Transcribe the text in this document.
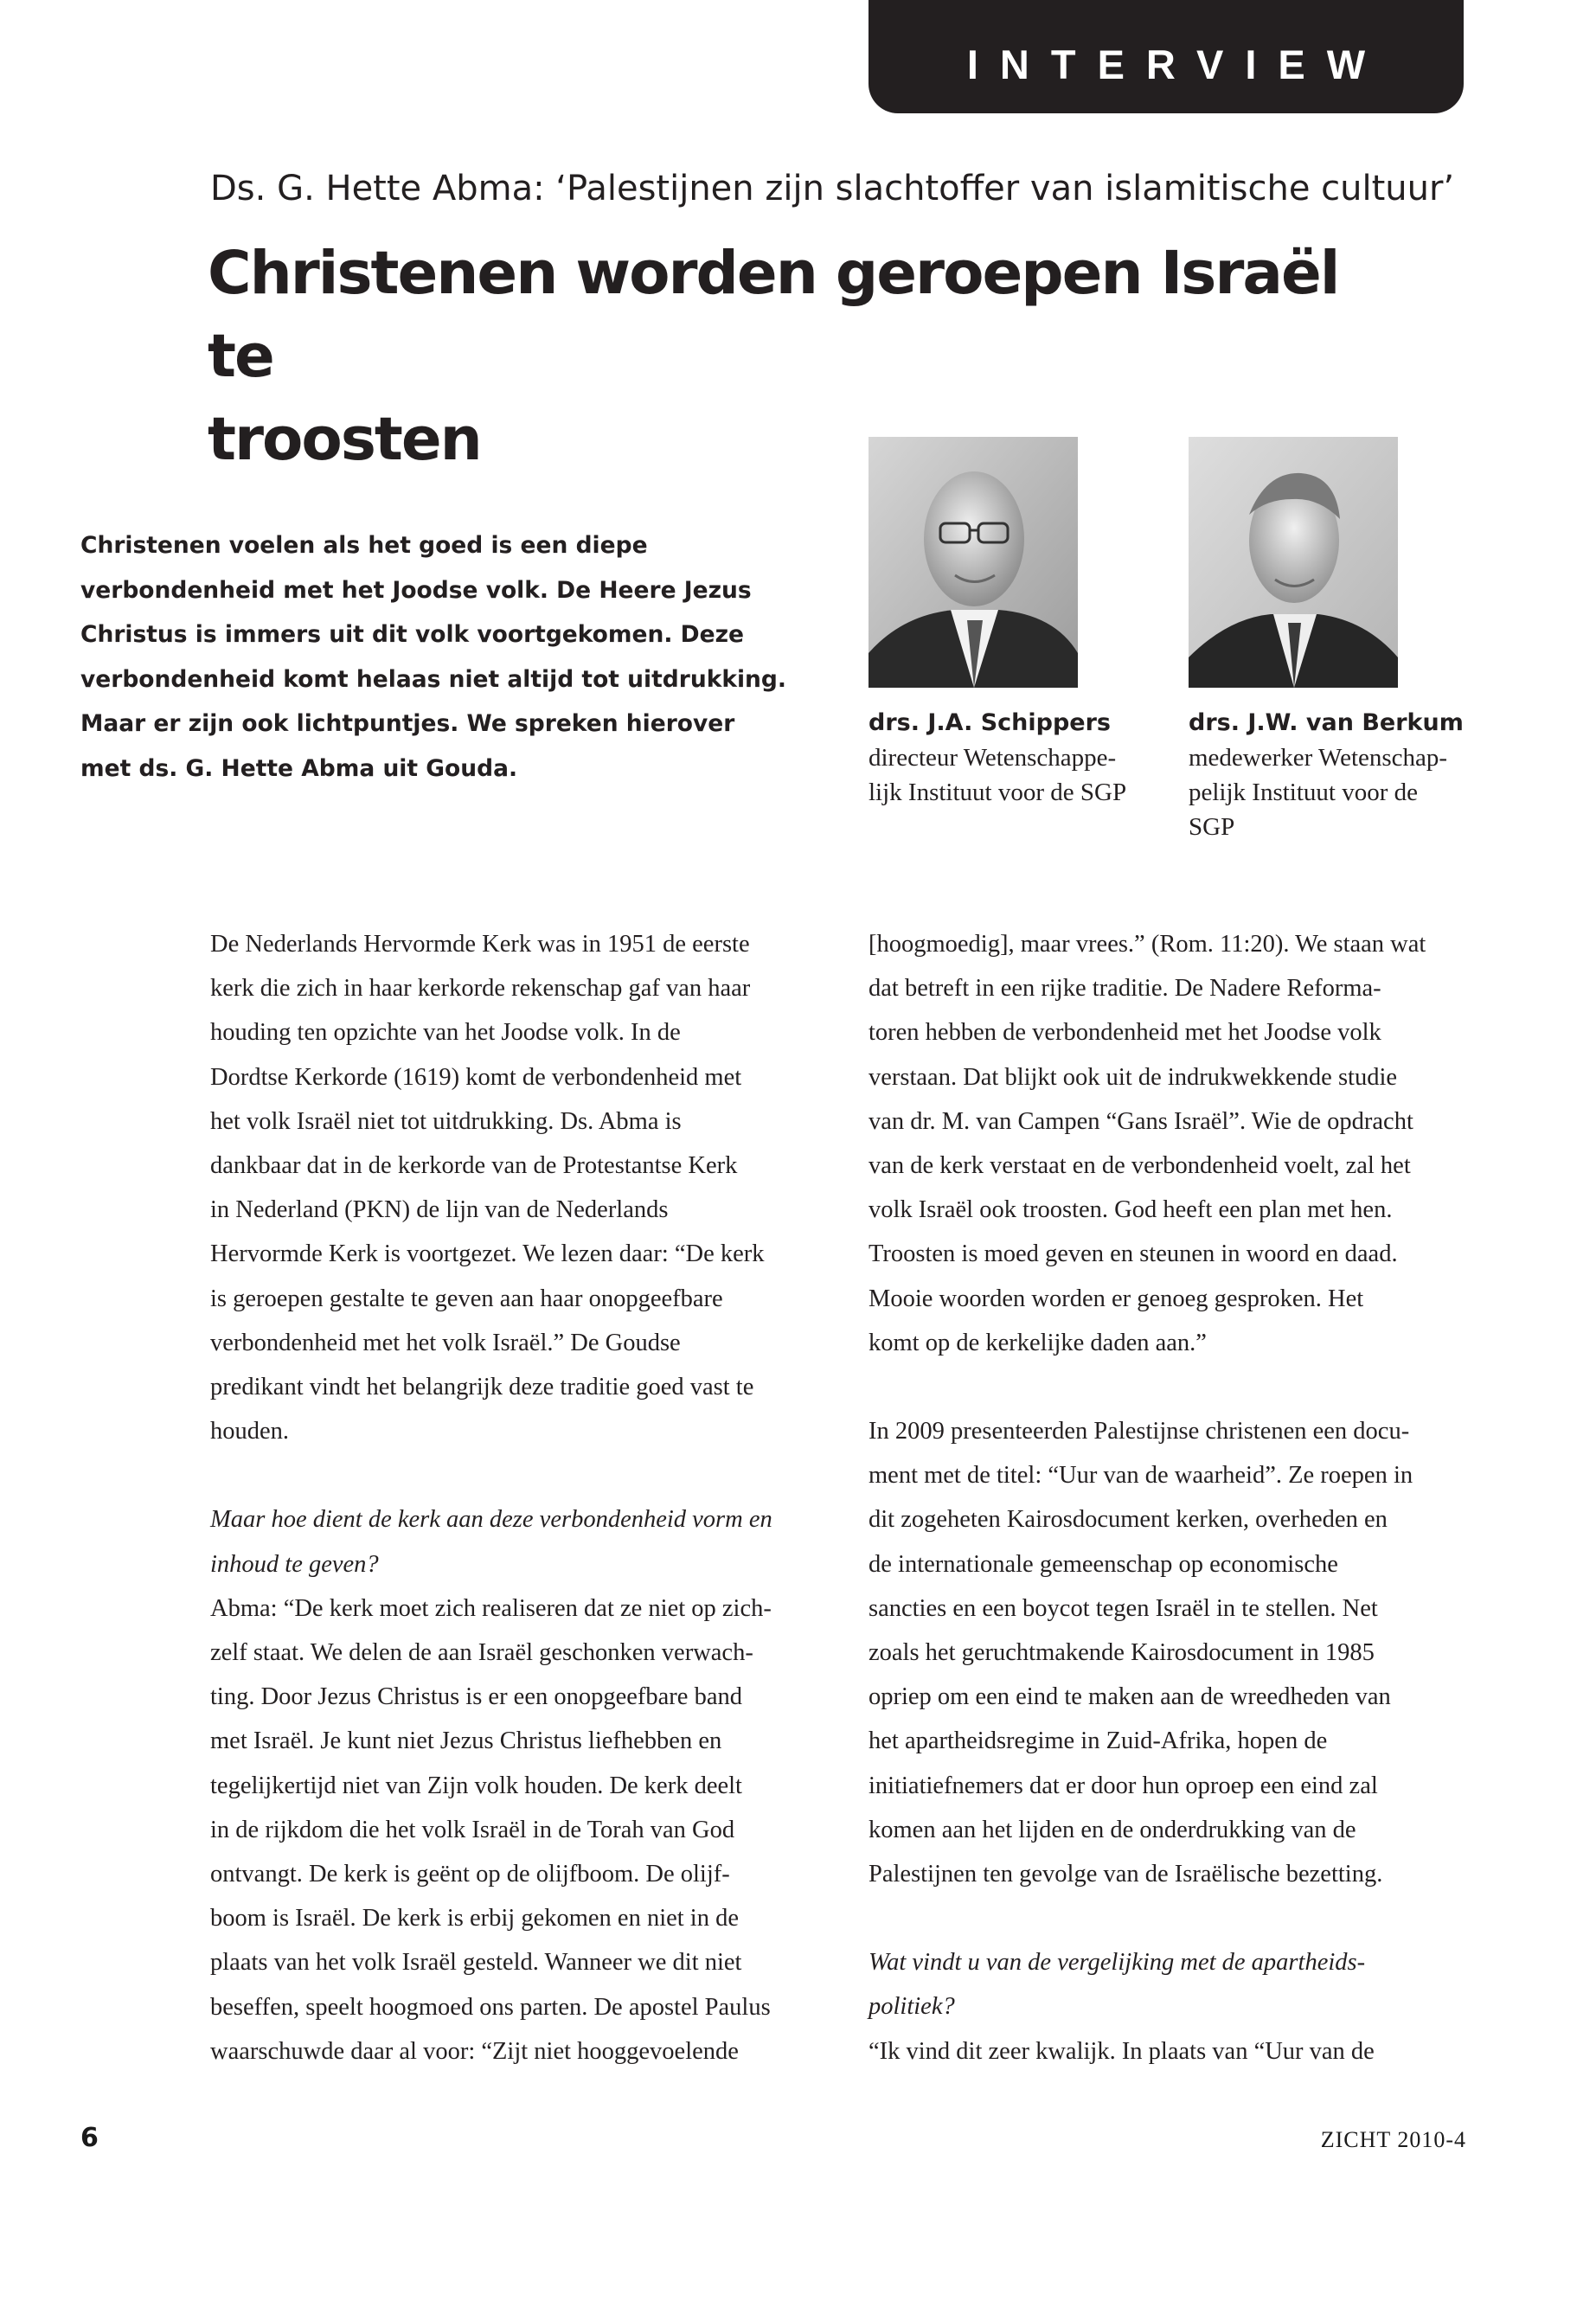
INTERVIEW
Ds. G. Hette Abma: ‘Palestijnen zijn slachtoffer van islamitische cultuur’
Christenen worden geroepen Israël te
troosten

Christenen voelen als het goed is een diepe
verbondenheid met het Joodse volk. De Heere Jezus
Christus is immers uit dit volk voortgekomen. Deze
verbondenheid komt helaas niet altijd tot uitdrukking.
Maar er zijn ook lichtpuntjes. We spreken hierover
met ds. G. Hette Abma uit Gouda.

drs. J.A. Schippers
directeur Wetenschappe-
lijk Instituut voor de SGP
drs. J.W. van Berkum
medewerker Wetenschap-
pelijk Instituut voor de
SGP

De Nederlands Hervormde Kerk was in 1951 de eerste
kerk die zich in haar kerkorde rekenschap gaf van haar
houding ten opzichte van het Joodse volk. In de
Dordtse Kerkorde (1619) komt de verbondenheid met
het volk Israël niet tot uitdrukking. Ds. Abma is
dankbaar dat in de kerkorde van de Protestantse Kerk
in Nederland (PKN) de lijn van de Nederlands
Hervormde Kerk is voortgezet. We lezen daar: “De kerk
is geroepen gestalte te geven aan haar onopgeefbare
verbondenheid met het volk Israël.” De Goudse
predikant vindt het belangrijk deze traditie goed vast te
houden.

Maar hoe dient de kerk aan deze verbondenheid vorm en
inhoud te geven?

Abma: “De kerk moet zich realiseren dat ze niet op zich-
zelf staat. We delen de aan Israël geschonken verwach-
ting. Door Jezus Christus is er een onopgeefbare band
met Israël. Je kunt niet Jezus Christus liefhebben en
tegelijkertijd niet van Zijn volk houden. De kerk deelt
in de rijkdom die het volk Israël in de Torah van God
ontvangt. De kerk is geënt op de olijfboom. De olijf-
boom is Israël. De kerk is erbij gekomen en niet in de
plaats van het volk Israël gesteld. Wanneer we dit niet
beseffen, speelt hoogmoed ons parten. De apostel Paulus
waarschuwde daar al voor: “Zijt niet hooggevoelende

[hoogmoedig], maar vrees.” (Rom. 11:20). We staan wat
dat betreft in een rijke traditie. De Nadere Reforma-
toren hebben de verbondenheid met het Joodse volk
verstaan. Dat blijkt ook uit de indrukwekkende studie
van dr. M. van Campen “Gans Israël”. Wie de opdracht
van de kerk verstaat en de verbondenheid voelt, zal het
volk Israël ook troosten. God heeft een plan met hen.
Troosten is moed geven en steunen in woord en daad.
Mooie woorden worden er genoeg gesproken. Het
komt op de kerkelijke daden aan.”

In 2009 presenteerden Palestijnse christenen een docu-
ment met de titel: “Uur van de waarheid”. Ze roepen in
dit zogeheten Kairosdocument kerken, overheden en
de internationale gemeenschap op economische
sancties en een boycot tegen Israël in te stellen. Net
zoals het geruchtmakende Kairosdocument in 1985
opriep om een eind te maken aan de wreedheden van
het apartheidsregime in Zuid-Afrika, hopen de
initiatiefnemers dat er door hun oproep een eind zal
komen aan het lijden en de onderdrukking van de
Palestijnen ten gevolge van de Israëlische bezetting.

Wat vindt u van de vergelijking met de apartheids-
politiek?

“Ik vind dit zeer kwalijk. In plaats van “Uur van de

6	ZICHT 2010-4
